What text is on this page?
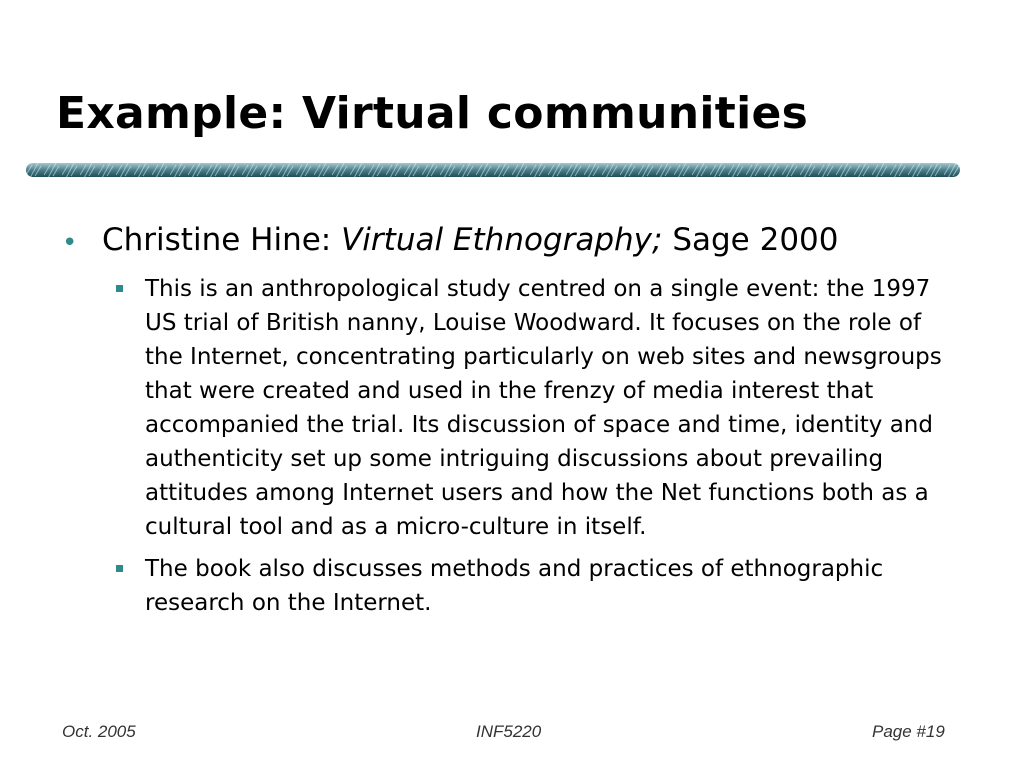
Example: Virtual communities
• Christine Hine: Virtual Ethnography; Sage 2000
This is an anthropological study centred on a single event: the 1997 US trial of British nanny, Louise Woodward. It focuses on the role of the Internet, concentrating particularly on web sites and newsgroups that were created and used in the frenzy of media interest that accompanied the trial. Its discussion of space and time, identity and authenticity set up some intriguing discussions about prevailing attitudes among Internet users and how the Net functions both as a cultural tool and as a micro-culture in itself.
The book also discusses methods and practices of ethnographic research on the Internet.
Oct. 2005	INF5220	Page #19
